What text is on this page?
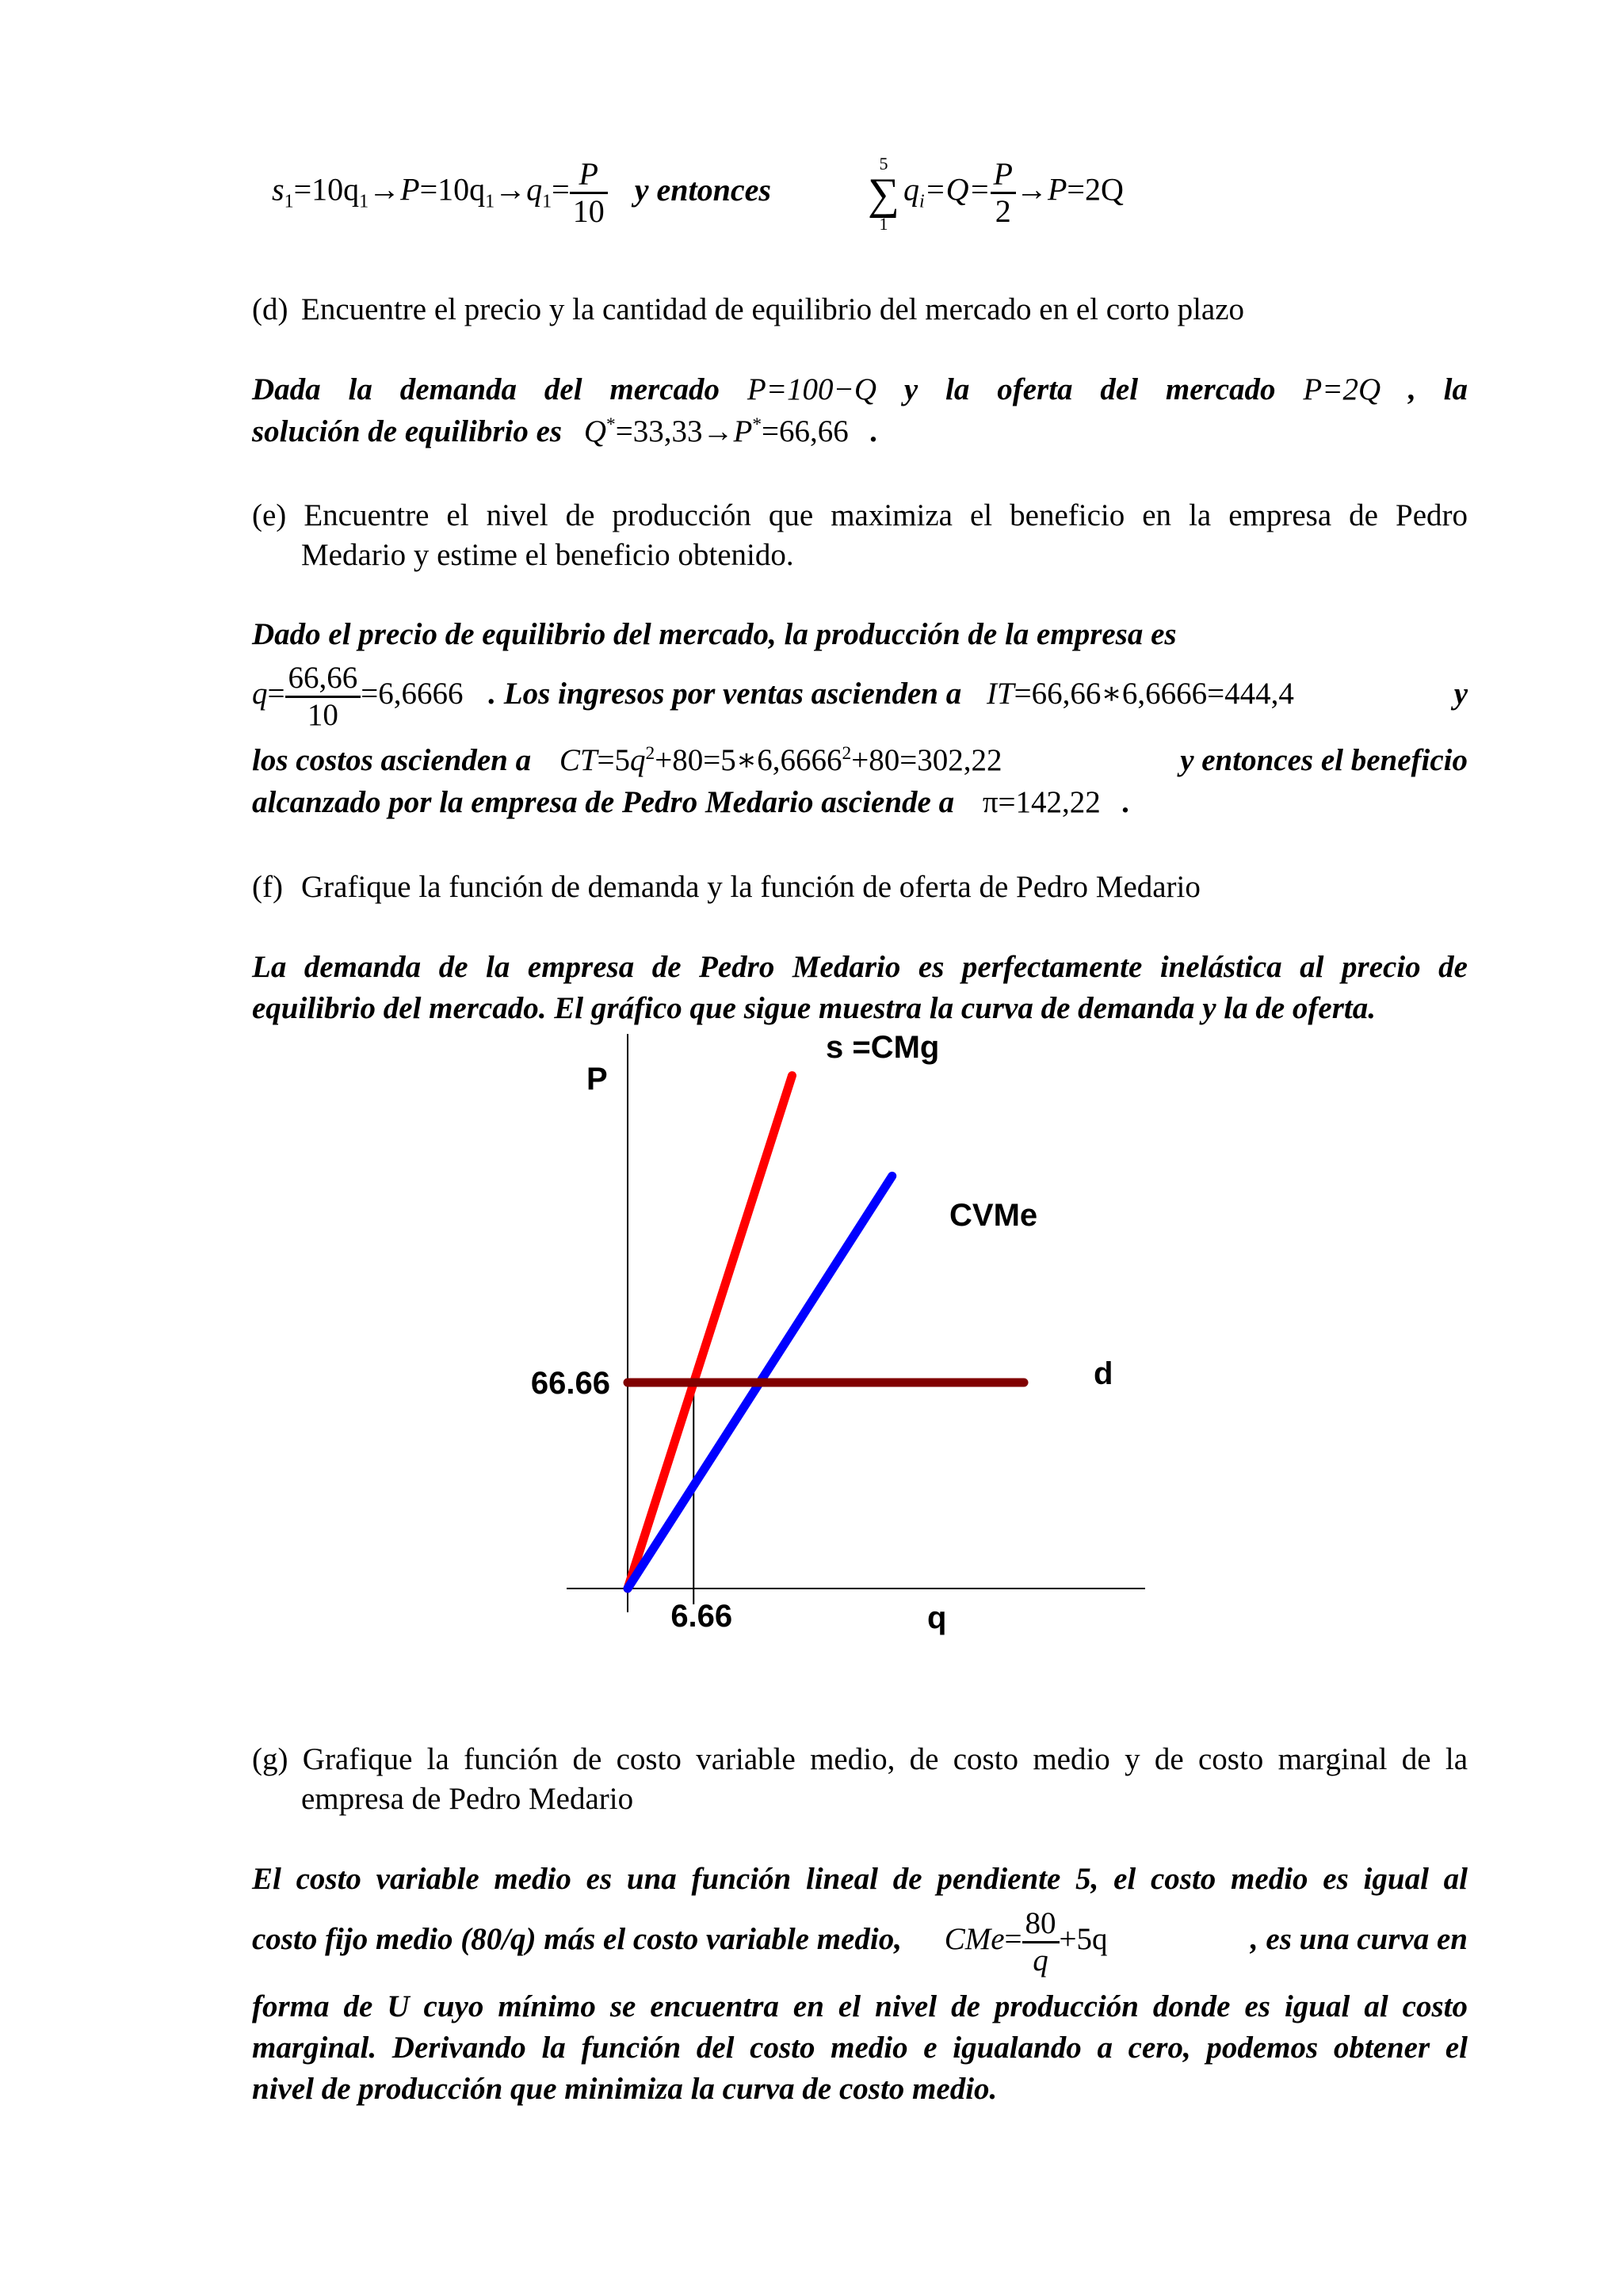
$s_1=10q_1\to P=10q_1\to q_1= \frac{P}{10}$ y entonces
5
∑
1
$q_i=Q= \frac{P}{2} \to P=2Q$
(d) Encuentre el precio y la cantidad de equilibrio del mercado en el corto plazo
Dada la demanda del mercado P=100−Q y la oferta del mercado P=2Q , la
solución de equilibrio es Q*=33,33→P*=66,66 .
(e) Encuentre el nivel de producción que maximiza el beneficio en la empresa de Pedro
Medario y estime el beneficio obtenido.
Dado el precio de equilibrio del mercado, la producción de la empresa es
$q= \frac{66,66}{10} =6,6666$ . Los ingresos por ventas ascienden a IT=66,66∗6,6666=444,4	y
los costos ascienden a $CT=5q^2+80=5∗6,6666^2+80=302,22$	y entonces el beneficio
alcanzado por la empresa de Pedro Medario asciende a π=142,22 .
(f) Grafique la función de demanda y la función de oferta de Pedro Medario
La demanda de la empresa de Pedro Medario es perfectamente inelástica al precio de
equilibrio del mercado. El gráfico que sigue muestra la curva de demanda y la de oferta.
P
q
66.66
6.66
s =CMg
CVMe
d
(g) Grafique la función de costo variable medio, de costo medio y de costo marginal de la
empresa de Pedro Medario
El costo variable medio es una función lineal de pendiente 5, el costo medio es igual al
costo fijo medio (80/q) más el costo variable medio, $CMe= \frac{80}{q} +5q$	, es una curva en
forma de U cuyo mínimo se encuentra en el nivel de producción donde es igual al costo
marginal. Derivando la función del costo medio e igualando a cero, podemos obtener el
nivel de producción que minimiza la curva de costo medio.
